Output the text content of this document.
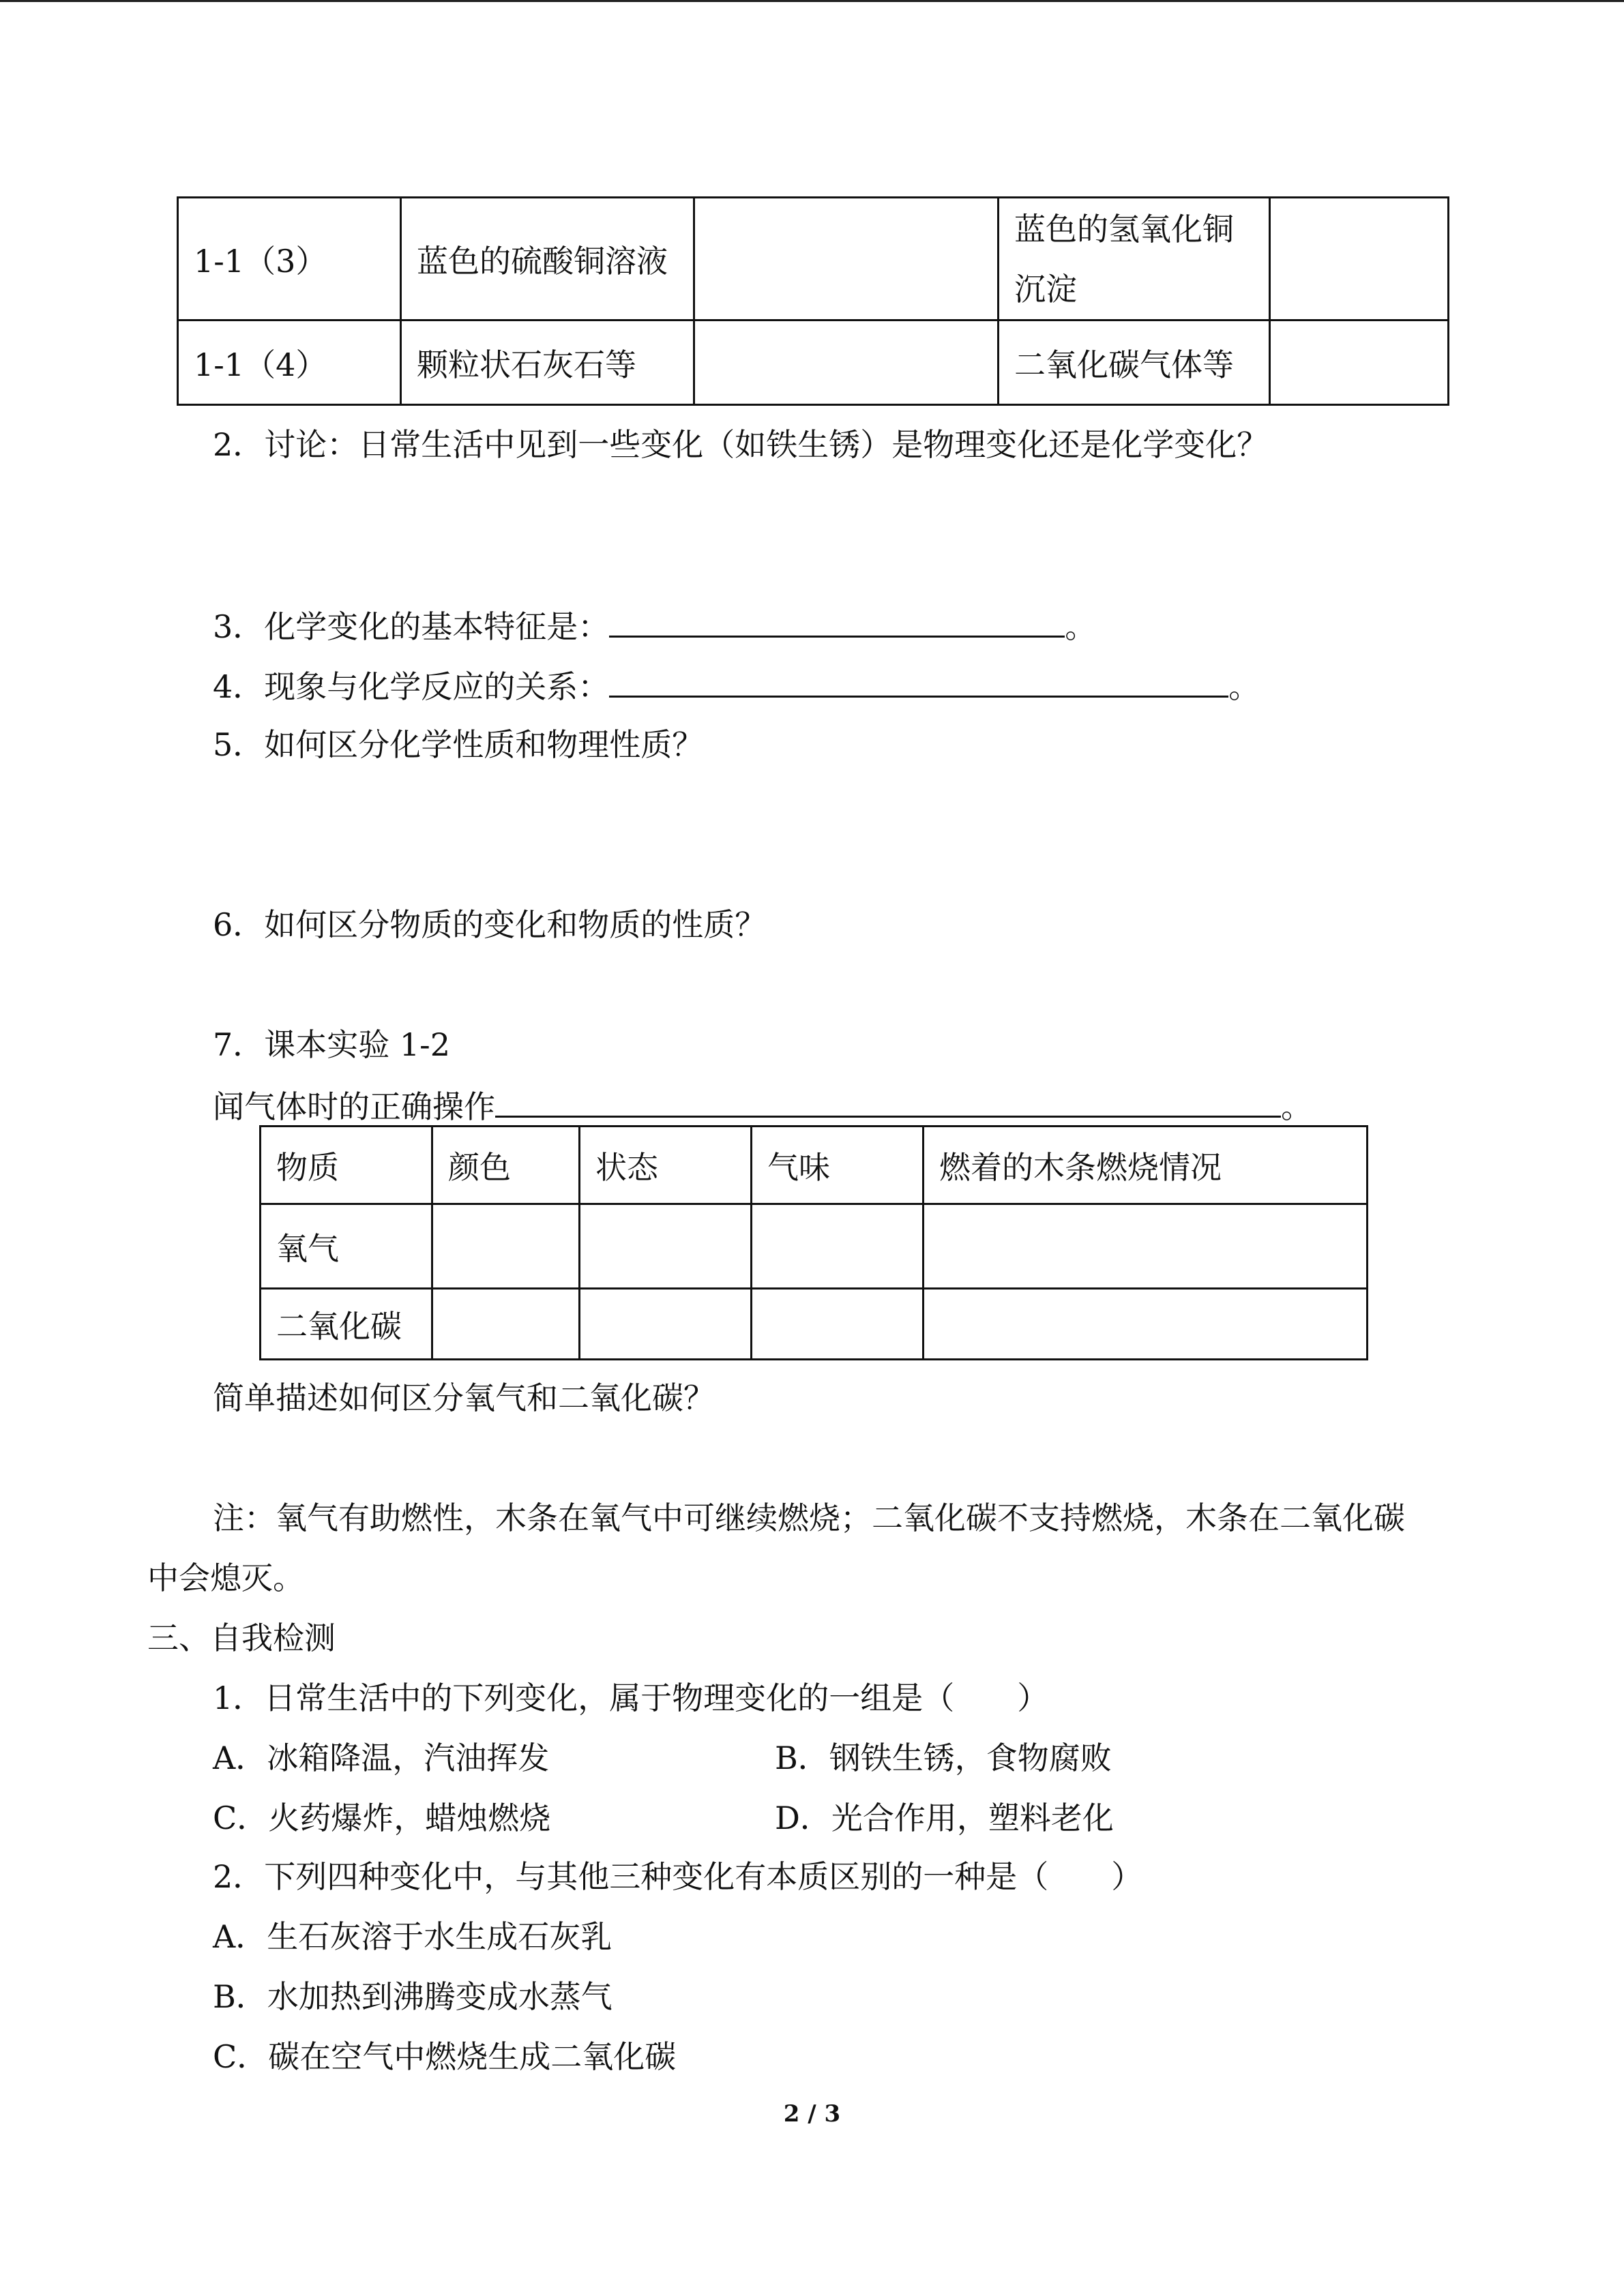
1-1（3）	蓝色的硫酸铜溶液		蓝色的氢氧化铜
沉淀	

1-1（4）	颗粒状石灰石等		二氧化碳气体等	
2．讨论：日常生活中见到一些变化（如铁生锈）是物理变化还是化学变化？
3．化学变化的基本特征是：	。
4．现象与化学反应的关系：	。
5．如何区分化学性质和物理性质？
6．如何区分物质的变化和物质的性质？
7．课本实验 1-2
闻气体时的正确操作	。
物质	颜色	状态	气味	燃着的木条燃烧情况
氧气				
二氧化碳				
简单描述如何区分氧气和二氧化碳？
注：氧气有助燃性，木条在氧气中可继续燃烧；二氧化碳不支持燃烧，木条在二氧化碳
中会熄灭。
三、自我检测
1．日常生活中的下列变化，属于物理变化的一组是（　　）
A．冰箱降温，汽油挥发	B．钢铁生锈，食物腐败
C．火药爆炸，蜡烛燃烧	D．光合作用，塑料老化
2．下列四种变化中，与其他三种变化有本质区别的一种是（　　）
A．生石灰溶于水生成石灰乳
B．水加热到沸腾变成水蒸气
C．碳在空气中燃烧生成二氧化碳
2 / 3
